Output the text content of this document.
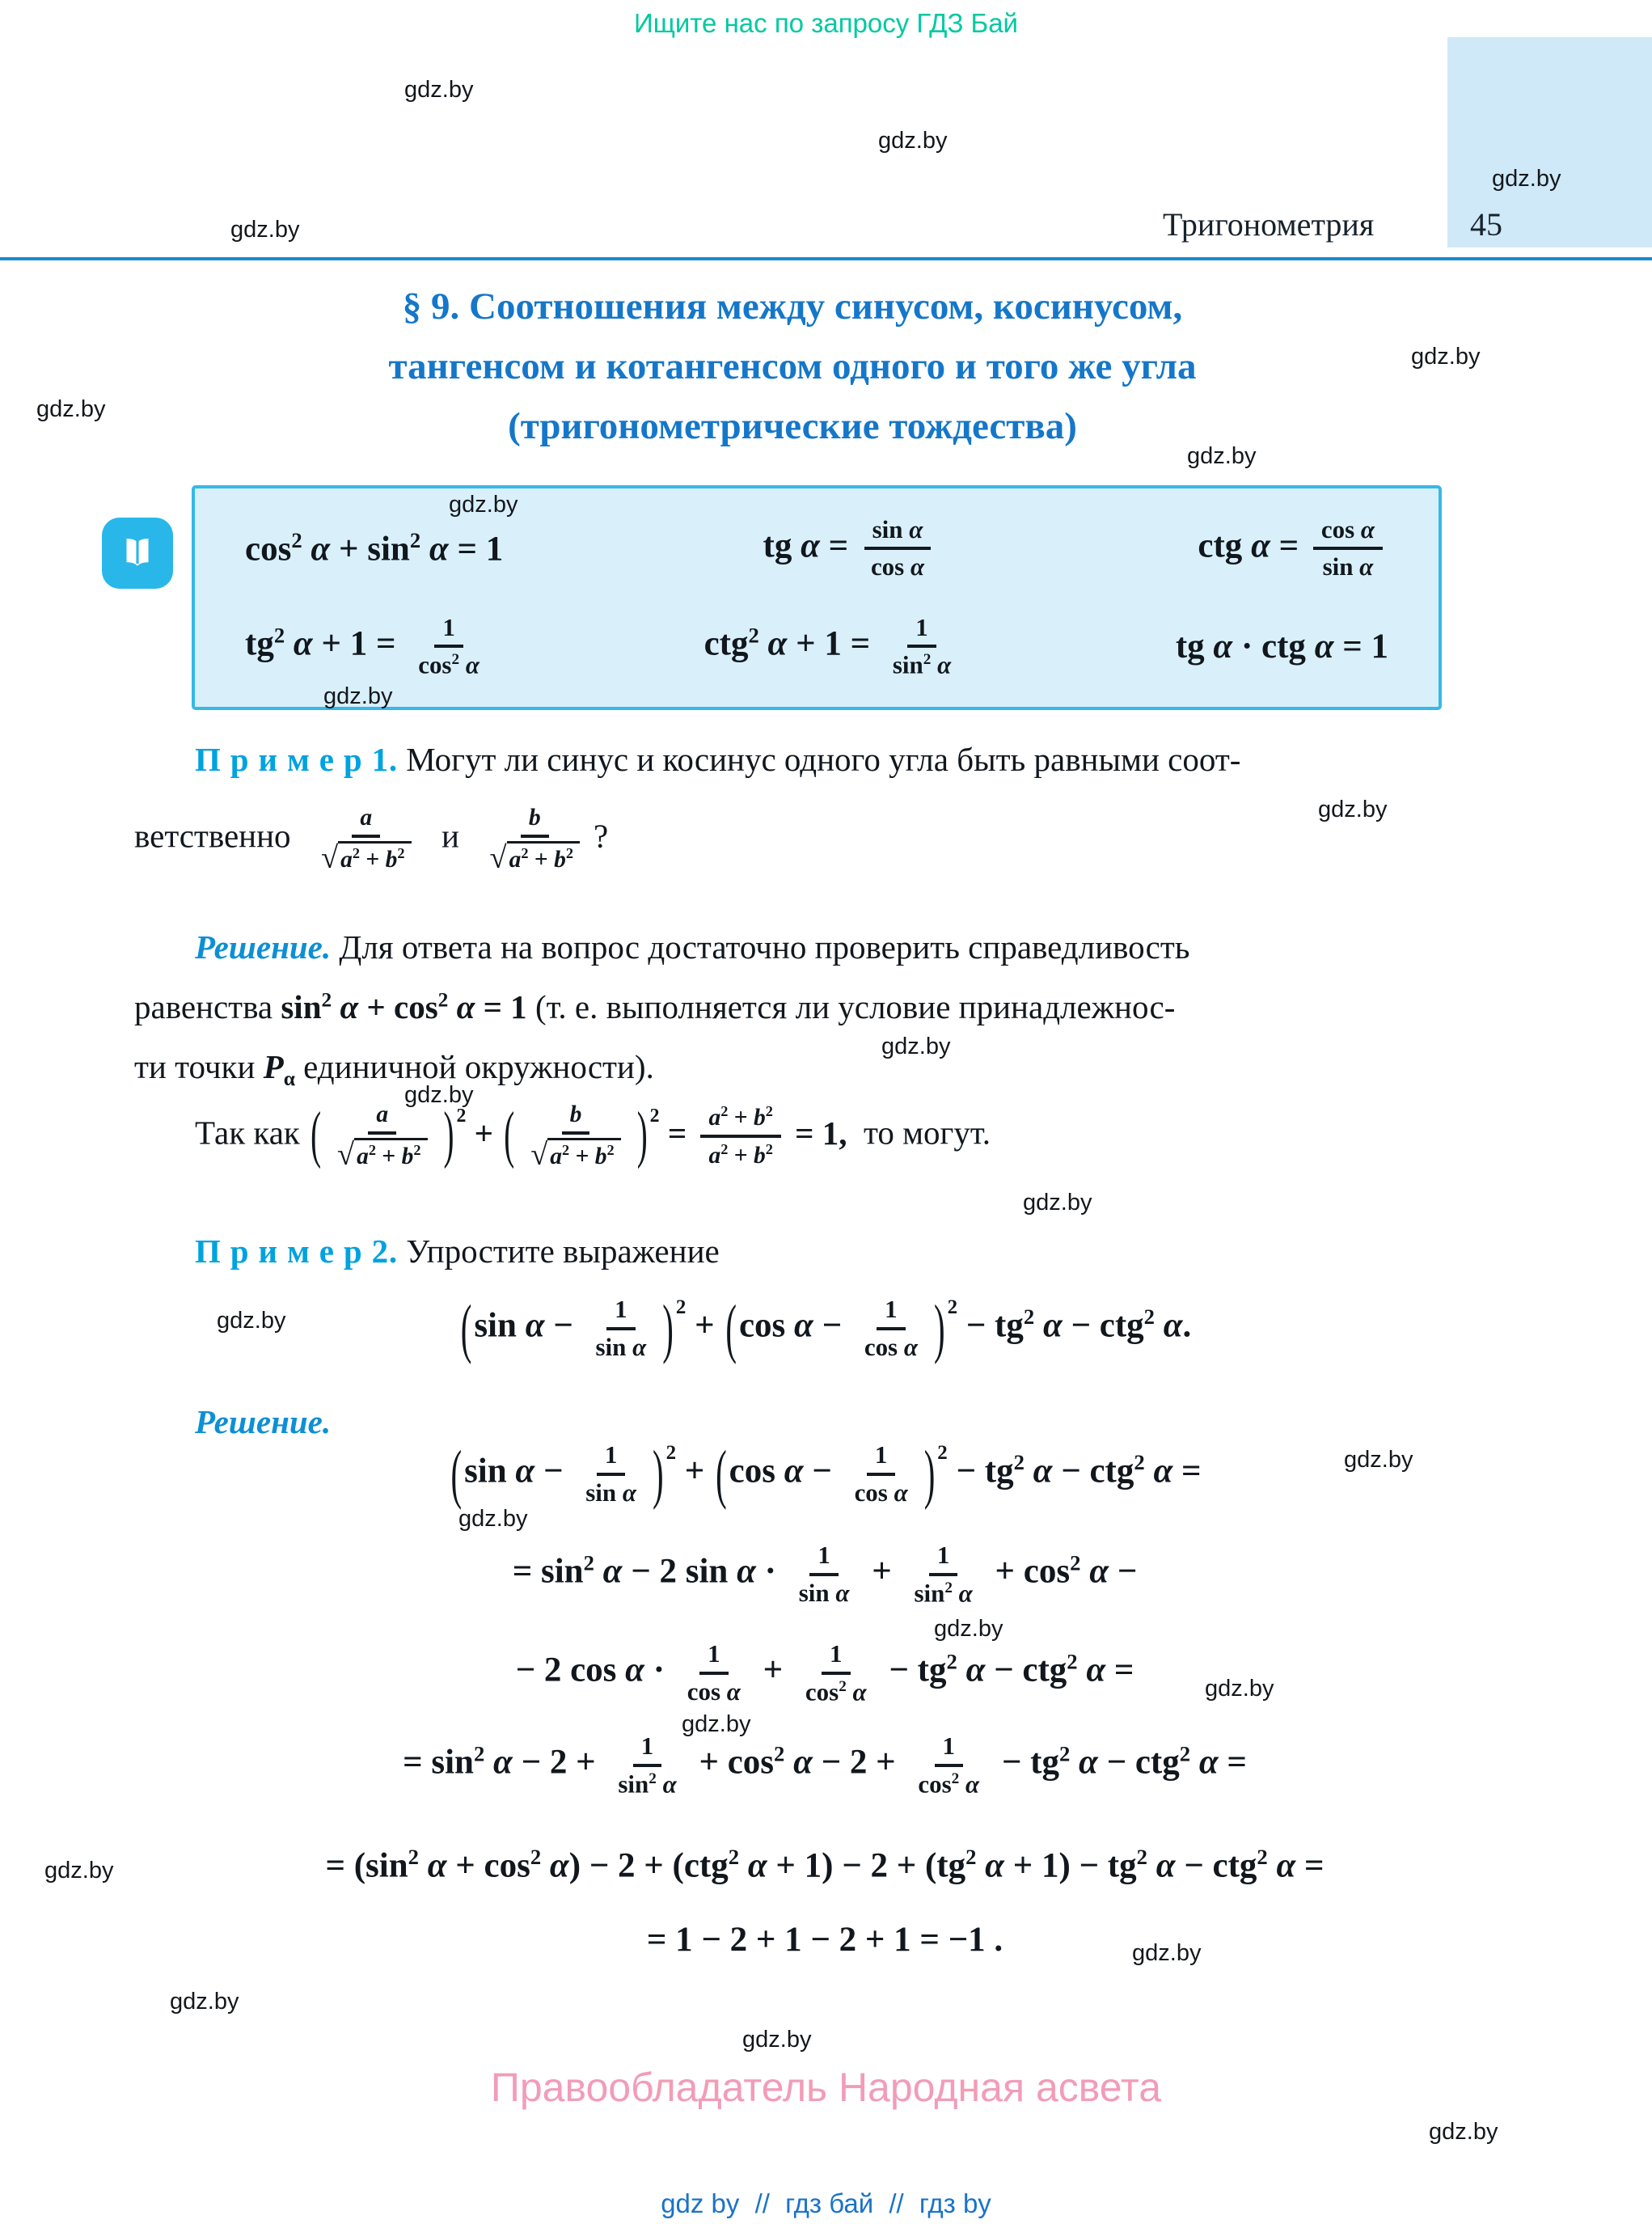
Ищите нас по запросу ГДЗ Бай
Тригонометрия	45
§ 9. Соотношения между синусом, косинусом,
тангенсом и котангенсом одного и того же угла
(тригонометрические тождества)
$\cos^2 \alpha + \sin^2 \alpha = 1$	tg $\alpha = \frac{\text{sin α}}{\text{cos α}}$	ctg $\alpha = \frac{\text{cos α}}{\text{sin α}}$
$tg^2$ $\alpha + 1 = \frac{1}{\cos^2 \alpha}$	ctg$^2$ $\alpha + 1 = \frac{1}{\sin^2 \alpha}$	tg α · ctg α = 1
П р и м е р 1. Могут ли синус и косинус одного угла быть равными соот-
ветственно $\frac{a}{√ a^2 + b^2}$ и $\frac{b}{√ a^2 + b^2}$ ?
Решение. Для ответа на вопрос достаточно проверить справедливость
равенства $\sin^2 \alpha + \cos^2 \alpha = 1$ (т. е. выполняется ли условие принадлежнос-
ти точки $P_\alpha$ единичной окружности).
Так как ( $\frac{a}{√ a^2 + b^2}$ ) $^2$ + ( $\frac{b}{√ a^2 + b^2}$ ) $^2 = \frac{a^2 + b^2}{a^2 + b^2} = 1$,  то могут.
П р и м е р 2. Упростите выражение
(sin $\alpha - \frac{1}{\text{sin α}}$ ) $^2$ + (cos $\alpha - \frac{1}{\text{cos α}}$ ) $^2 - tg^2$ α − ctg$^2$ α.
Решение.
(sin $\alpha - \frac{1}{\text{sin α}}$ ) $^2$ + (cos $\alpha - \frac{1}{\text{cos α}}$ ) $^2 - tg^2$ α − ctg$^2$ α =
= $\sin^2 \alpha - 2$ $\sin \alpha \cdot \frac{1}{\text{sin α}} + \frac{1}{\sin^2 \alpha} + \cos^2 \alpha$ −
− 2 $\cos \alpha \cdot \frac{1}{\text{cos α}} + \frac{1}{\cos^2 \alpha} - tg^2$ α − ctg$^2$ α =
= $\sin^2 \alpha - 2 + \frac{1}{\sin^2 \alpha} + \cos^2 \alpha - 2 + \frac{1}{\cos^2 \alpha} - tg^2$ α − ctg$^2$ α =
= ($\sin^2$ $\alpha + \cos^2 \alpha) - 2 + (ctg^2$ $\alpha + 1) - 2 + (tg^2$ $\alpha + 1) - tg^2$ α − ctg$^2$ α =
= 1 − 2 + 1 − 2 + 1 = −1 .
gdz.by
gdz.by
gdz.by
gdz.by
gdz.by
gdz.by
gdz.by
gdz.by
gdz.by
gdz.by
gdz.by
gdz.by
gdz.by
gdz.by
gdz.by
gdz.by
gdz.by
gdz.by
gdz.by
gdz.by
gdz.by
gdz.by
gdz.by
gdz.by
Правообладатель Народная асвета
gdz by // гдз бай // гдз by
